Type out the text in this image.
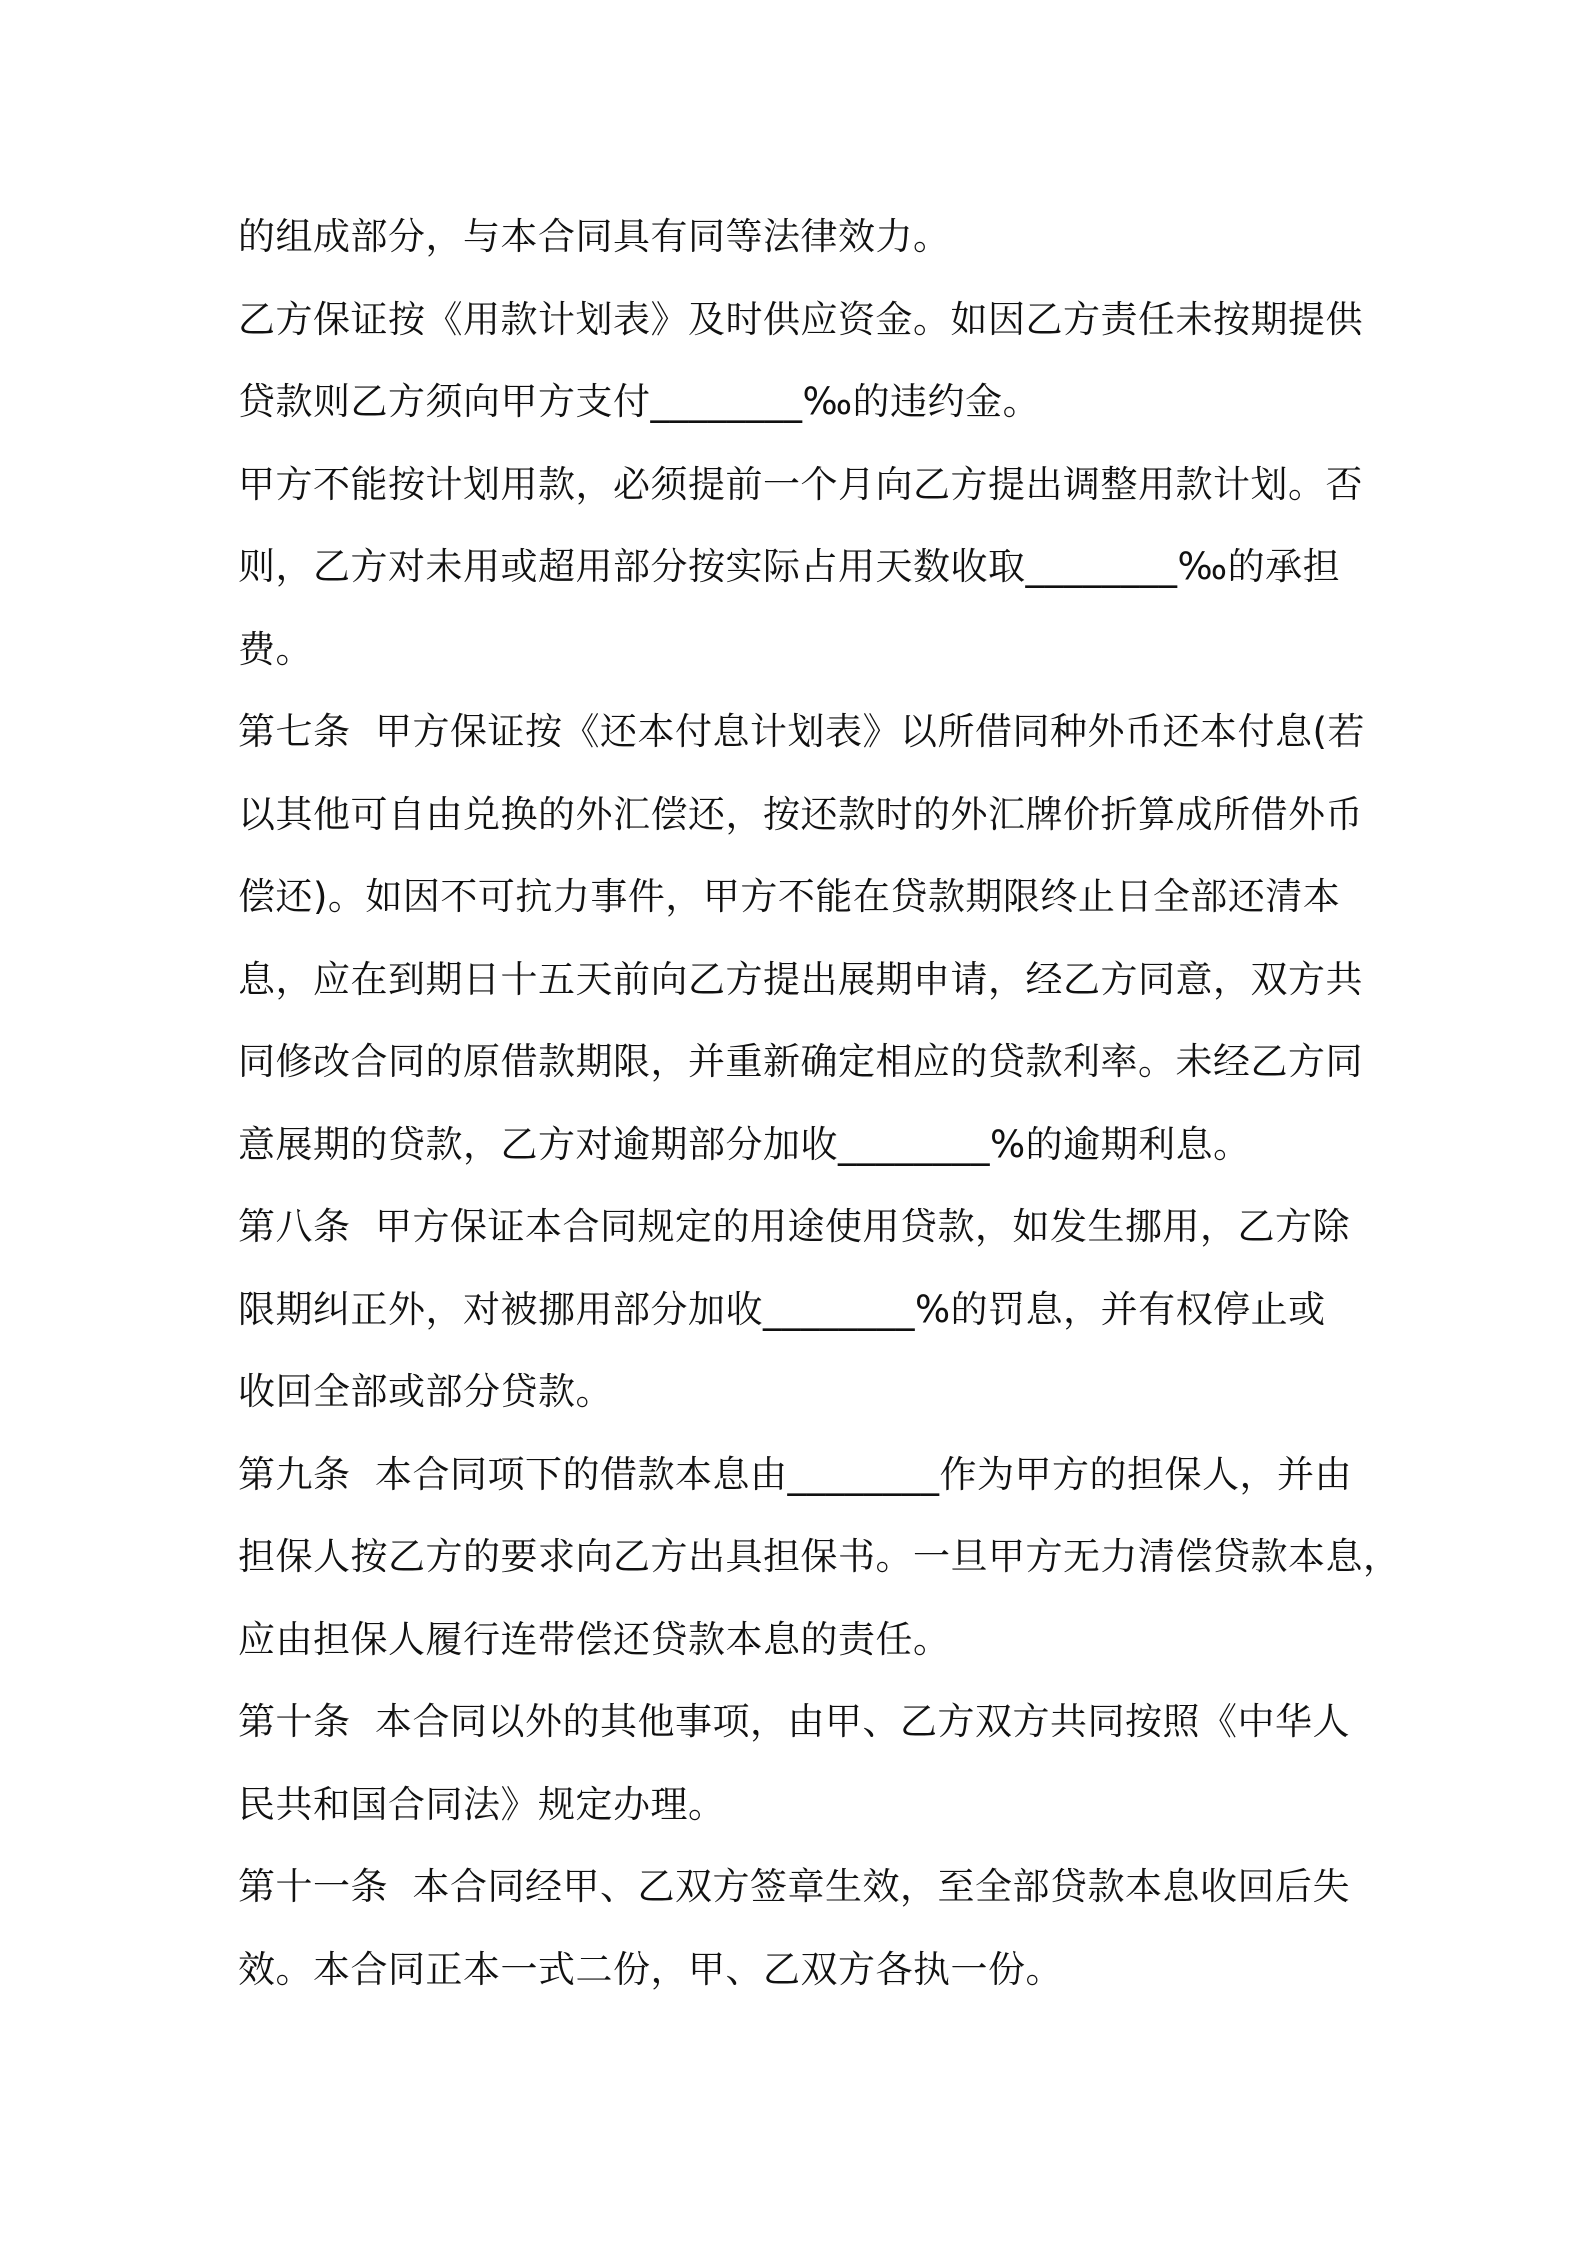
的组成部分，与本合同具有同等法律效力。
乙方保证按《用款计划表》及时供应资金。如因乙方责任未按期提供
贷款则乙方须向甲方支付________‰的违约金。
甲方不能按计划用款，必须提前一个月向乙方提出调整用款计划。否
则，乙方对未用或超用部分按实际占用天数收取________‰的承担
费。
第七条  甲方保证按《还本付息计划表》以所借同种外币还本付息(若
以其他可自由兑换的外汇偿还，按还款时的外汇牌价折算成所借外币
偿还)。如因不可抗力事件，甲方不能在贷款期限终止日全部还清本
息，应在到期日十五天前向乙方提出展期申请，经乙方同意，双方共
同修改合同的原借款期限，并重新确定相应的贷款利率。未经乙方同
意展期的贷款，乙方对逾期部分加收________%的逾期利息。
第八条  甲方保证本合同规定的用途使用贷款，如发生挪用，乙方除
限期纠正外，对被挪用部分加收________%的罚息，并有权停止或
收回全部或部分贷款。
第九条  本合同项下的借款本息由________作为甲方的担保人，并由
担保人按乙方的要求向乙方出具担保书。一旦甲方无力清偿贷款本息，
应由担保人履行连带偿还贷款本息的责任。
第十条  本合同以外的其他事项，由甲、乙方双方共同按照《中华人
民共和国合同法》规定办理。
第十一条  本合同经甲、乙双方签章生效，至全部贷款本息收回后失
效。本合同正本一式二份，甲、乙双方各执一份。
